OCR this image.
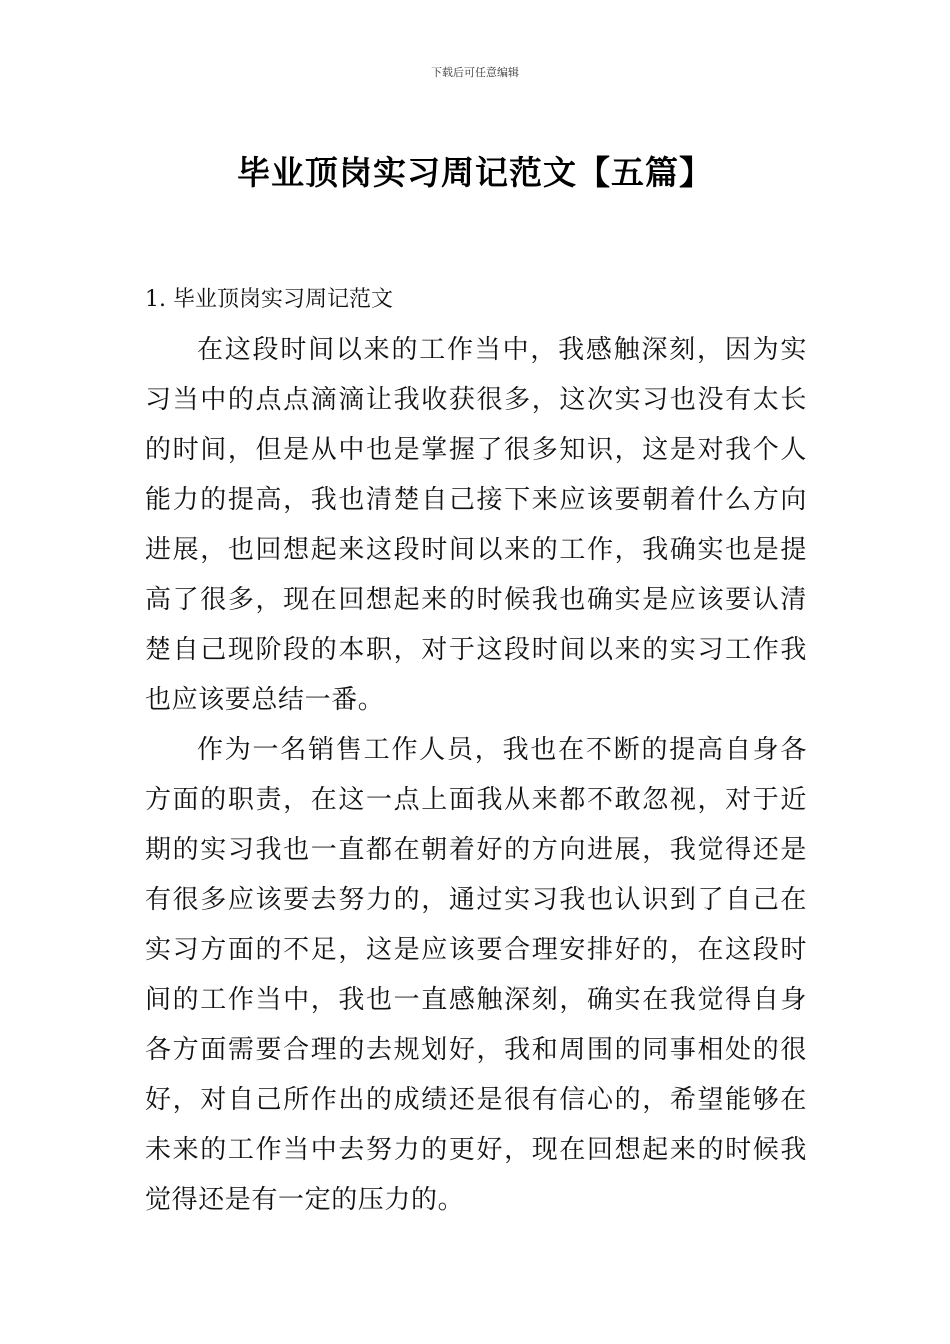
下载后可任意编辑
毕业顶岗实习周记范文【五篇】
1. 毕业顶岗实习周记范文

在这段时间以来的工作当中，我感触深刻，因为实习当中的点点滴滴让我收获很多，这次实习也没有太长的时间，但是从中也是掌握了很多知识，这是对我个人能力的提高，我也清楚自己接下来应该要朝着什么方向进展，也回想起来这段时间以来的工作，我确实也是提高了很多，现在回想起来的时候我也确实是应该要认清楚自己现阶段的本职，对于这段时间以来的实习工作我也应该要总结一番。

作为一名销售工作人员，我也在不断的提高自身各方面的职责，在这一点上面我从来都不敢忽视，对于近期的实习我也一直都在朝着好的方向进展，我觉得还是有很多应该要去努力的，通过实习我也认识到了自己在实习方面的不足，这是应该要合理安排好的，在这段时间的工作当中，我也一直感触深刻，确实在我觉得自身各方面需要合理的去规划好，我和周围的同事相处的很好，对自己所作出的成绩还是很有信心的，希望能够在未来的工作当中去努力的更好，现在回想起来的时候我觉得还是有一定的压力的。
